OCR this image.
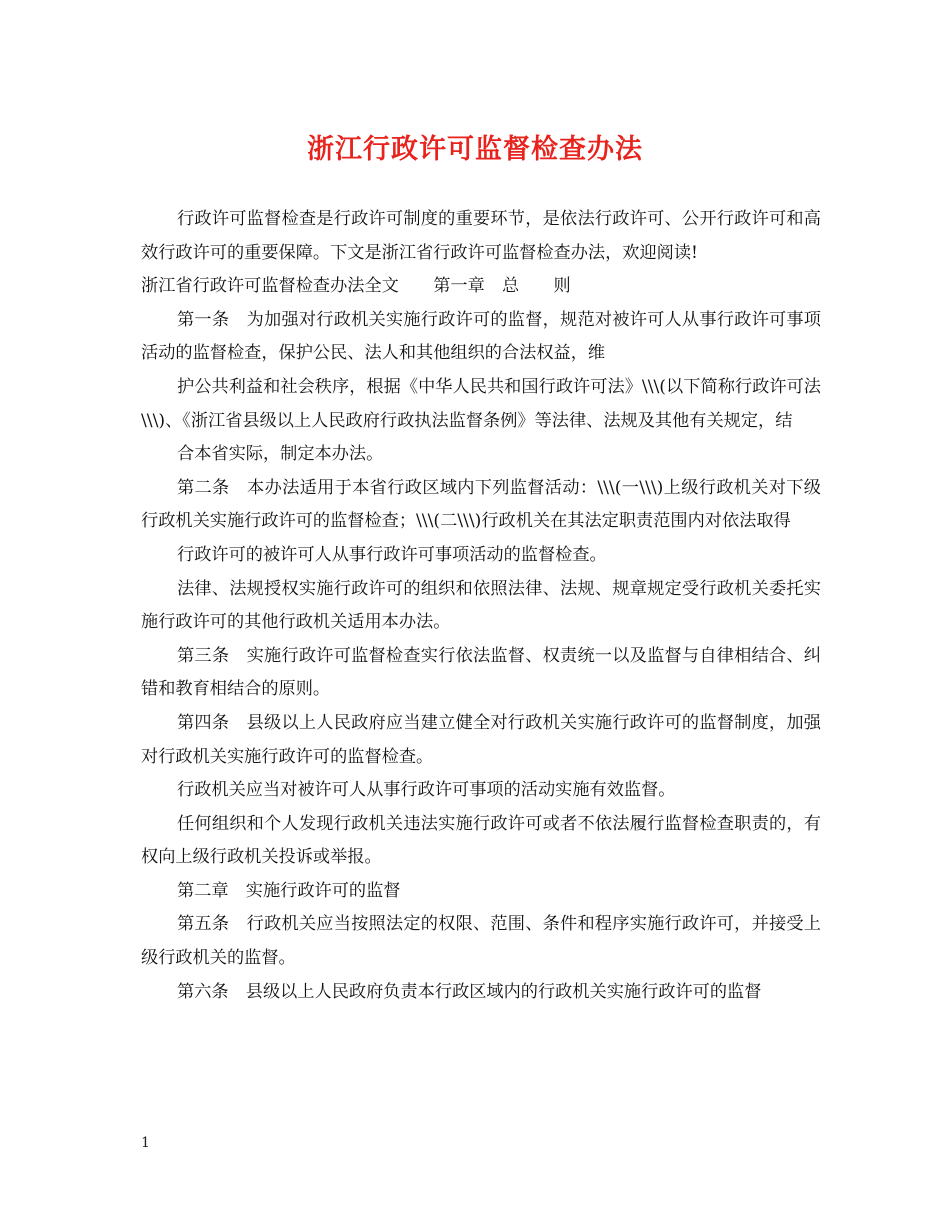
浙江行政许可监督检查办法

行政许可监督检查是行政许可制度的重要环节，是依法行政许可、公开行政许可和高效行政许可的重要保障。下文是浙江省行政许可监督检查办法，欢迎阅读!

浙江省行政许可监督检查办法全文　　第一章　总　　则

第一条　为加强对行政机关实施行政许可的监督，规范对被许可人从事行政许可事项活动的监督检查，保护公民、法人和其他组织的合法权益，维

护公共利益和社会秩序，根据《中华人民共和国行政许可法》\\\(以下简称行政许可法\\\)、《浙江省县级以上人民政府行政执法监督条例》等法律、法规及其他有关规定，结

合本省实际，制定本办法。

第二条　本办法适用于本省行政区域内下列监督活动：\\\(一\\\)上级行政机关对下级行政机关实施行政许可的监督检查；\\\(二\\\)行政机关在其法定职责范围内对依法取得

行政许可的被许可人从事行政许可事项活动的监督检查。

法律、法规授权实施行政许可的组织和依照法律、法规、规章规定受行政机关委托实施行政许可的其他行政机关适用本办法。

第三条　实施行政许可监督检查实行依法监督、权责统一以及监督与自律相结合、纠错和教育相结合的原则。

第四条　县级以上人民政府应当建立健全对行政机关实施行政许可的监督制度，加强对行政机关实施行政许可的监督检查。

行政机关应当对被许可人从事行政许可事项的活动实施有效监督。

任何组织和个人发现行政机关违法实施行政许可或者不依法履行监督检查职责的，有权向上级行政机关投诉或举报。

第二章　实施行政许可的监督

第五条　行政机关应当按照法定的权限、范围、条件和程序实施行政许可，并接受上级行政机关的监督。

第六条　县级以上人民政府负责本行政区域内的行政机关实施行政许可的监督

1
